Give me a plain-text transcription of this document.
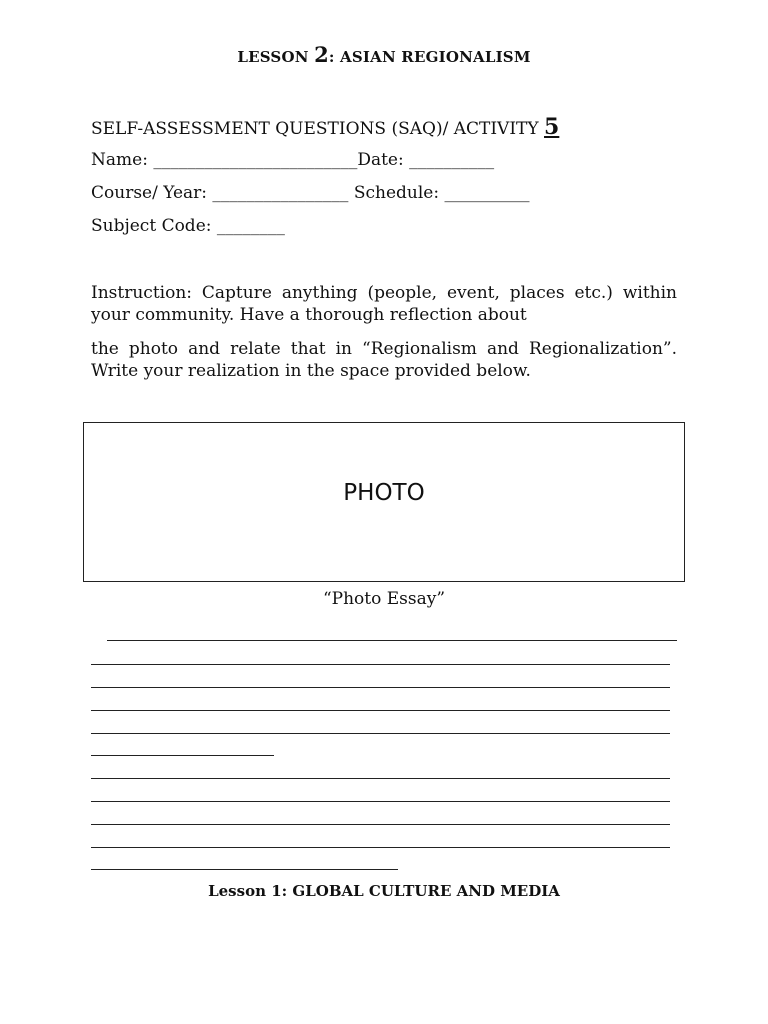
LESSON 2: ASIAN REGIONALISM
SELF-ASSESSMENT QUESTIONS (SAQ)/ ACTIVITY 5
Name: ________________________Date: __________
Course/ Year: ________________ Schedule: __________
Subject Code: ________
Instruction: Capture anything (people, event, places etc.) within your community. Have a thorough reflection about
the photo and relate that in “Regionalism and Regionalization”. Write your realization in the space provided below.
PHOTO
“Photo Essay”
Lesson 1: GLOBAL CULTURE AND MEDIA
